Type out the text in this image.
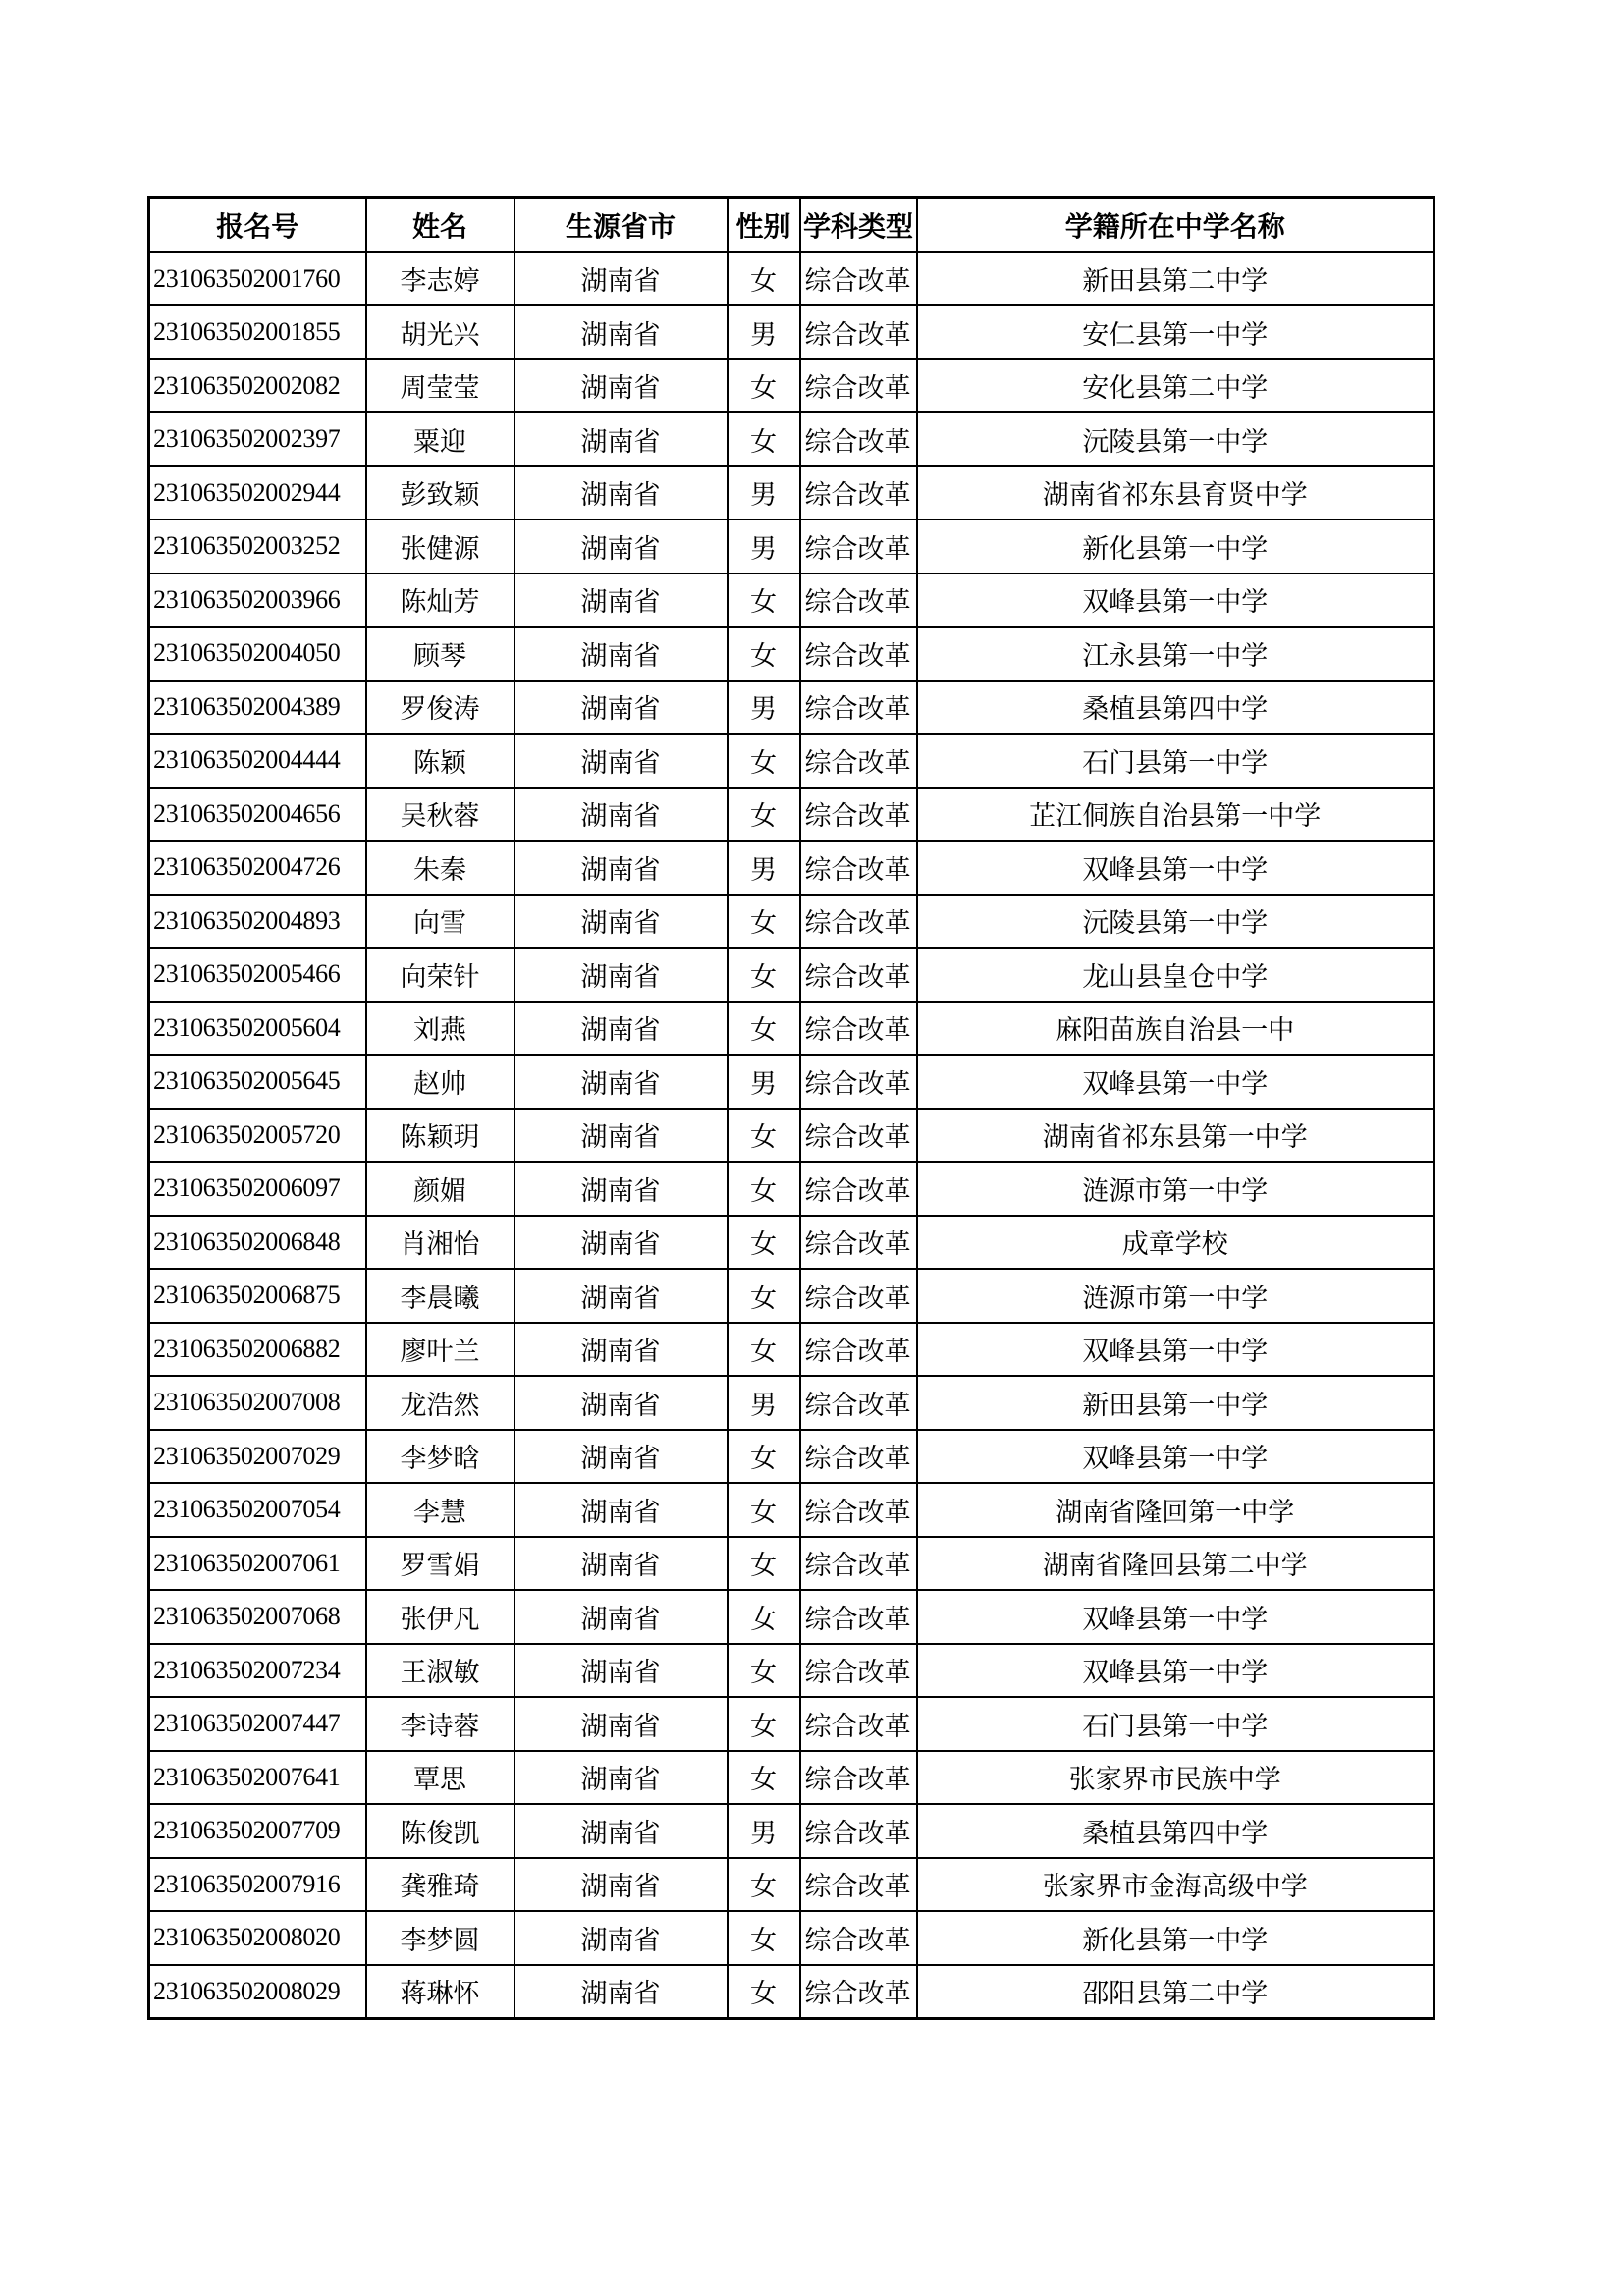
报名号	姓名	生源省市	性别	学科类型	学籍所在中学名称
231063502001760	李志婷	湖南省	女	综合改革	新田县第二中学
231063502001855	胡光兴	湖南省	男	综合改革	安仁县第一中学
231063502002082	周莹莹	湖南省	女	综合改革	安化县第二中学
231063502002397	粟迎	湖南省	女	综合改革	沅陵县第一中学
231063502002944	彭致颖	湖南省	男	综合改革	湖南省祁东县育贤中学
231063502003252	张健源	湖南省	男	综合改革	新化县第一中学
231063502003966	陈灿芳	湖南省	女	综合改革	双峰县第一中学
231063502004050	顾琴	湖南省	女	综合改革	江永县第一中学
231063502004389	罗俊涛	湖南省	男	综合改革	桑植县第四中学
231063502004444	陈颖	湖南省	女	综合改革	石门县第一中学
231063502004656	吴秋蓉	湖南省	女	综合改革	芷江侗族自治县第一中学
231063502004726	朱秦	湖南省	男	综合改革	双峰县第一中学
231063502004893	向雪	湖南省	女	综合改革	沅陵县第一中学
231063502005466	向荣针	湖南省	女	综合改革	龙山县皇仓中学
231063502005604	刘燕	湖南省	女	综合改革	麻阳苗族自治县一中
231063502005645	赵帅	湖南省	男	综合改革	双峰县第一中学
231063502005720	陈颖玥	湖南省	女	综合改革	湖南省祁东县第一中学
231063502006097	颜媚	湖南省	女	综合改革	涟源市第一中学
231063502006848	肖湘怡	湖南省	女	综合改革	成章学校
231063502006875	李晨曦	湖南省	女	综合改革	涟源市第一中学
231063502006882	廖叶兰	湖南省	女	综合改革	双峰县第一中学
231063502007008	龙浩然	湖南省	男	综合改革	新田县第一中学
231063502007029	李梦晗	湖南省	女	综合改革	双峰县第一中学
231063502007054	李慧	湖南省	女	综合改革	湖南省隆回第一中学
231063502007061	罗雪娟	湖南省	女	综合改革	湖南省隆回县第二中学
231063502007068	张伊凡	湖南省	女	综合改革	双峰县第一中学
231063502007234	王淑敏	湖南省	女	综合改革	双峰县第一中学
231063502007447	李诗蓉	湖南省	女	综合改革	石门县第一中学
231063502007641	覃思	湖南省	女	综合改革	张家界市民族中学
231063502007709	陈俊凯	湖南省	男	综合改革	桑植县第四中学
231063502007916	龚雅琦	湖南省	女	综合改革	张家界市金海高级中学
231063502008020	李梦圆	湖南省	女	综合改革	新化县第一中学
231063502008029	蒋琳怀	湖南省	女	综合改革	邵阳县第二中学
